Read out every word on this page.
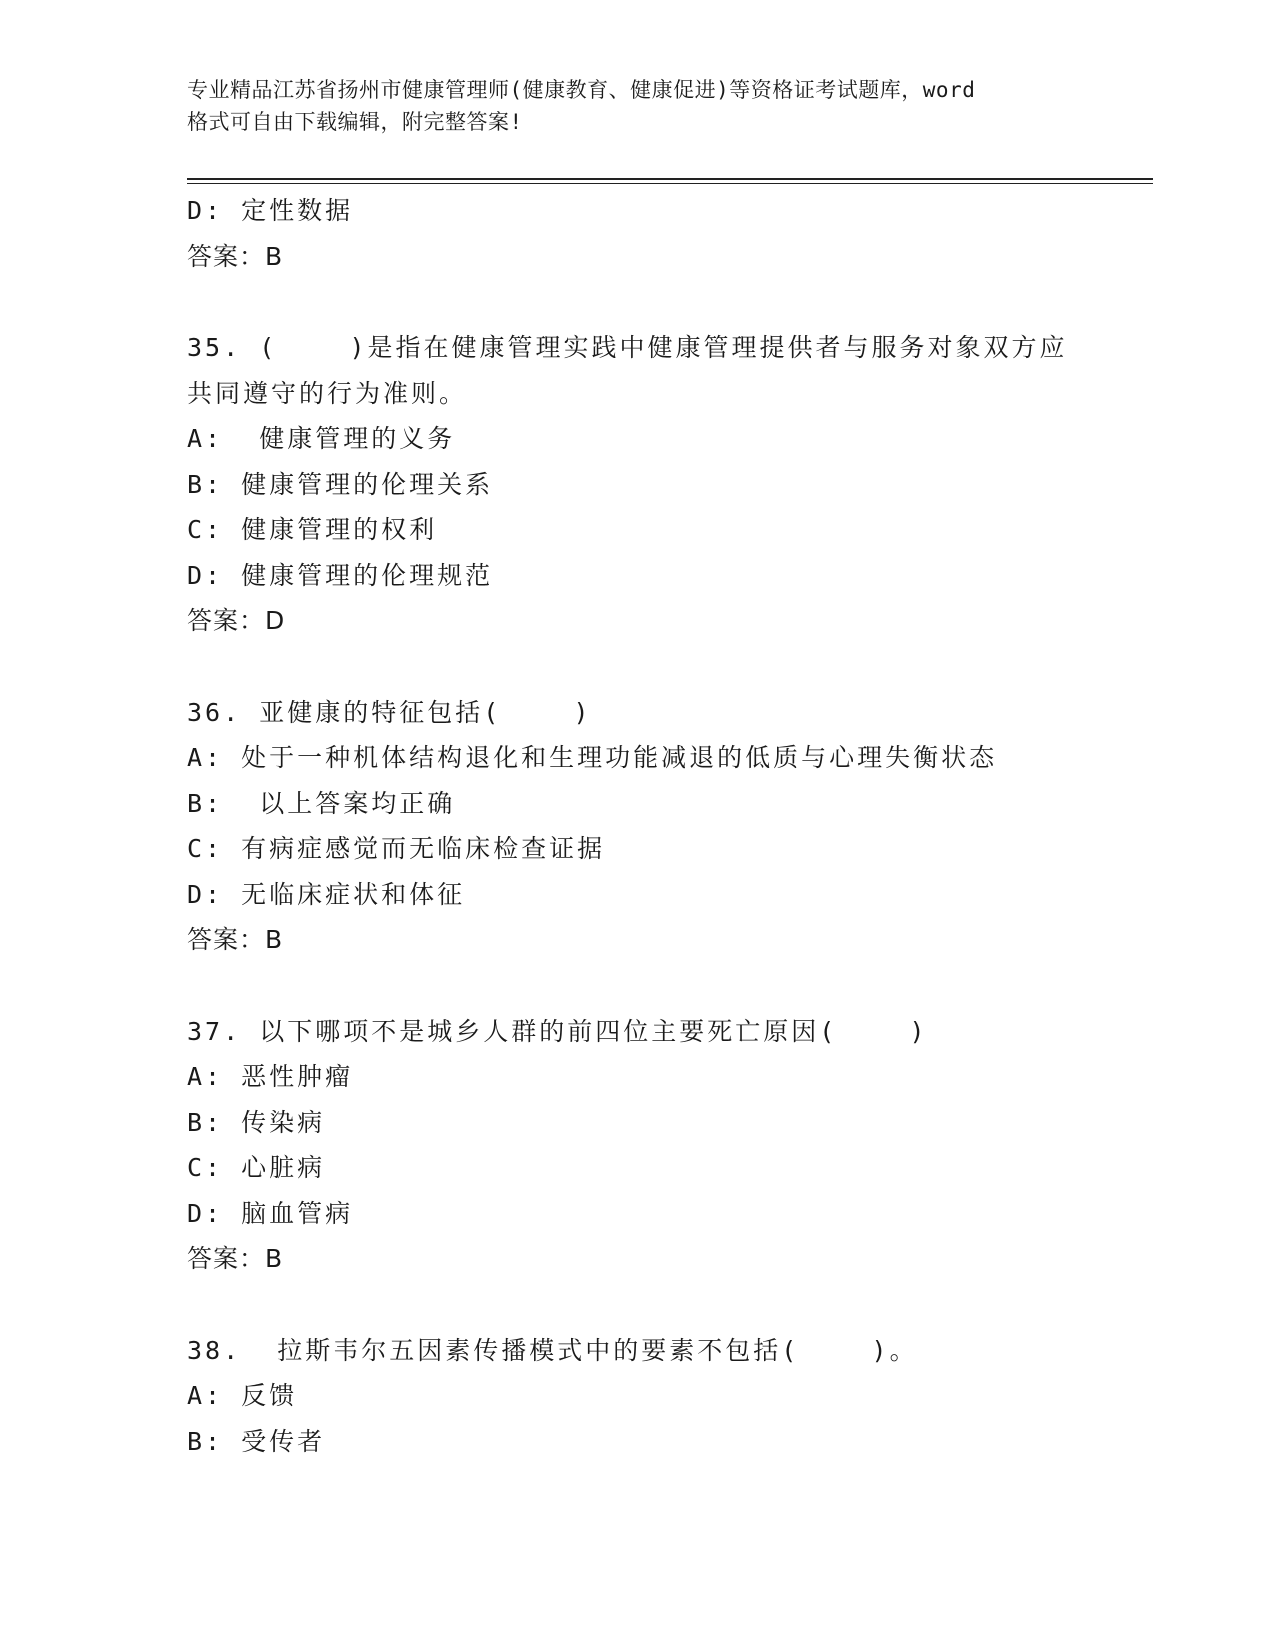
专业精品江苏省扬州市健康管理师(健康教育、健康促进)等资格证考试题库，word
格式可自由下载编辑，附完整答案!
D: 定性数据
答案：B
35. (    )是指在健康管理实践中健康管理提供者与服务对象双方应
共同遵守的行为准则。
A:  健康管理的义务
B: 健康管理的伦理关系
C: 健康管理的权利
D: 健康管理的伦理规范
答案：D
36. 亚健康的特征包括(    )
A: 处于一种机体结构退化和生理功能减退的低质与心理失衡状态
B:  以上答案均正确
C: 有病症感觉而无临床检查证据
D: 无临床症状和体征
答案：B
37. 以下哪项不是城乡人群的前四位主要死亡原因(    )
A: 恶性肿瘤
B: 传染病
C: 心脏病
D: 脑血管病
答案：B
38.  拉斯韦尔五因素传播模式中的要素不包括(    )。
A: 反馈
B: 受传者
